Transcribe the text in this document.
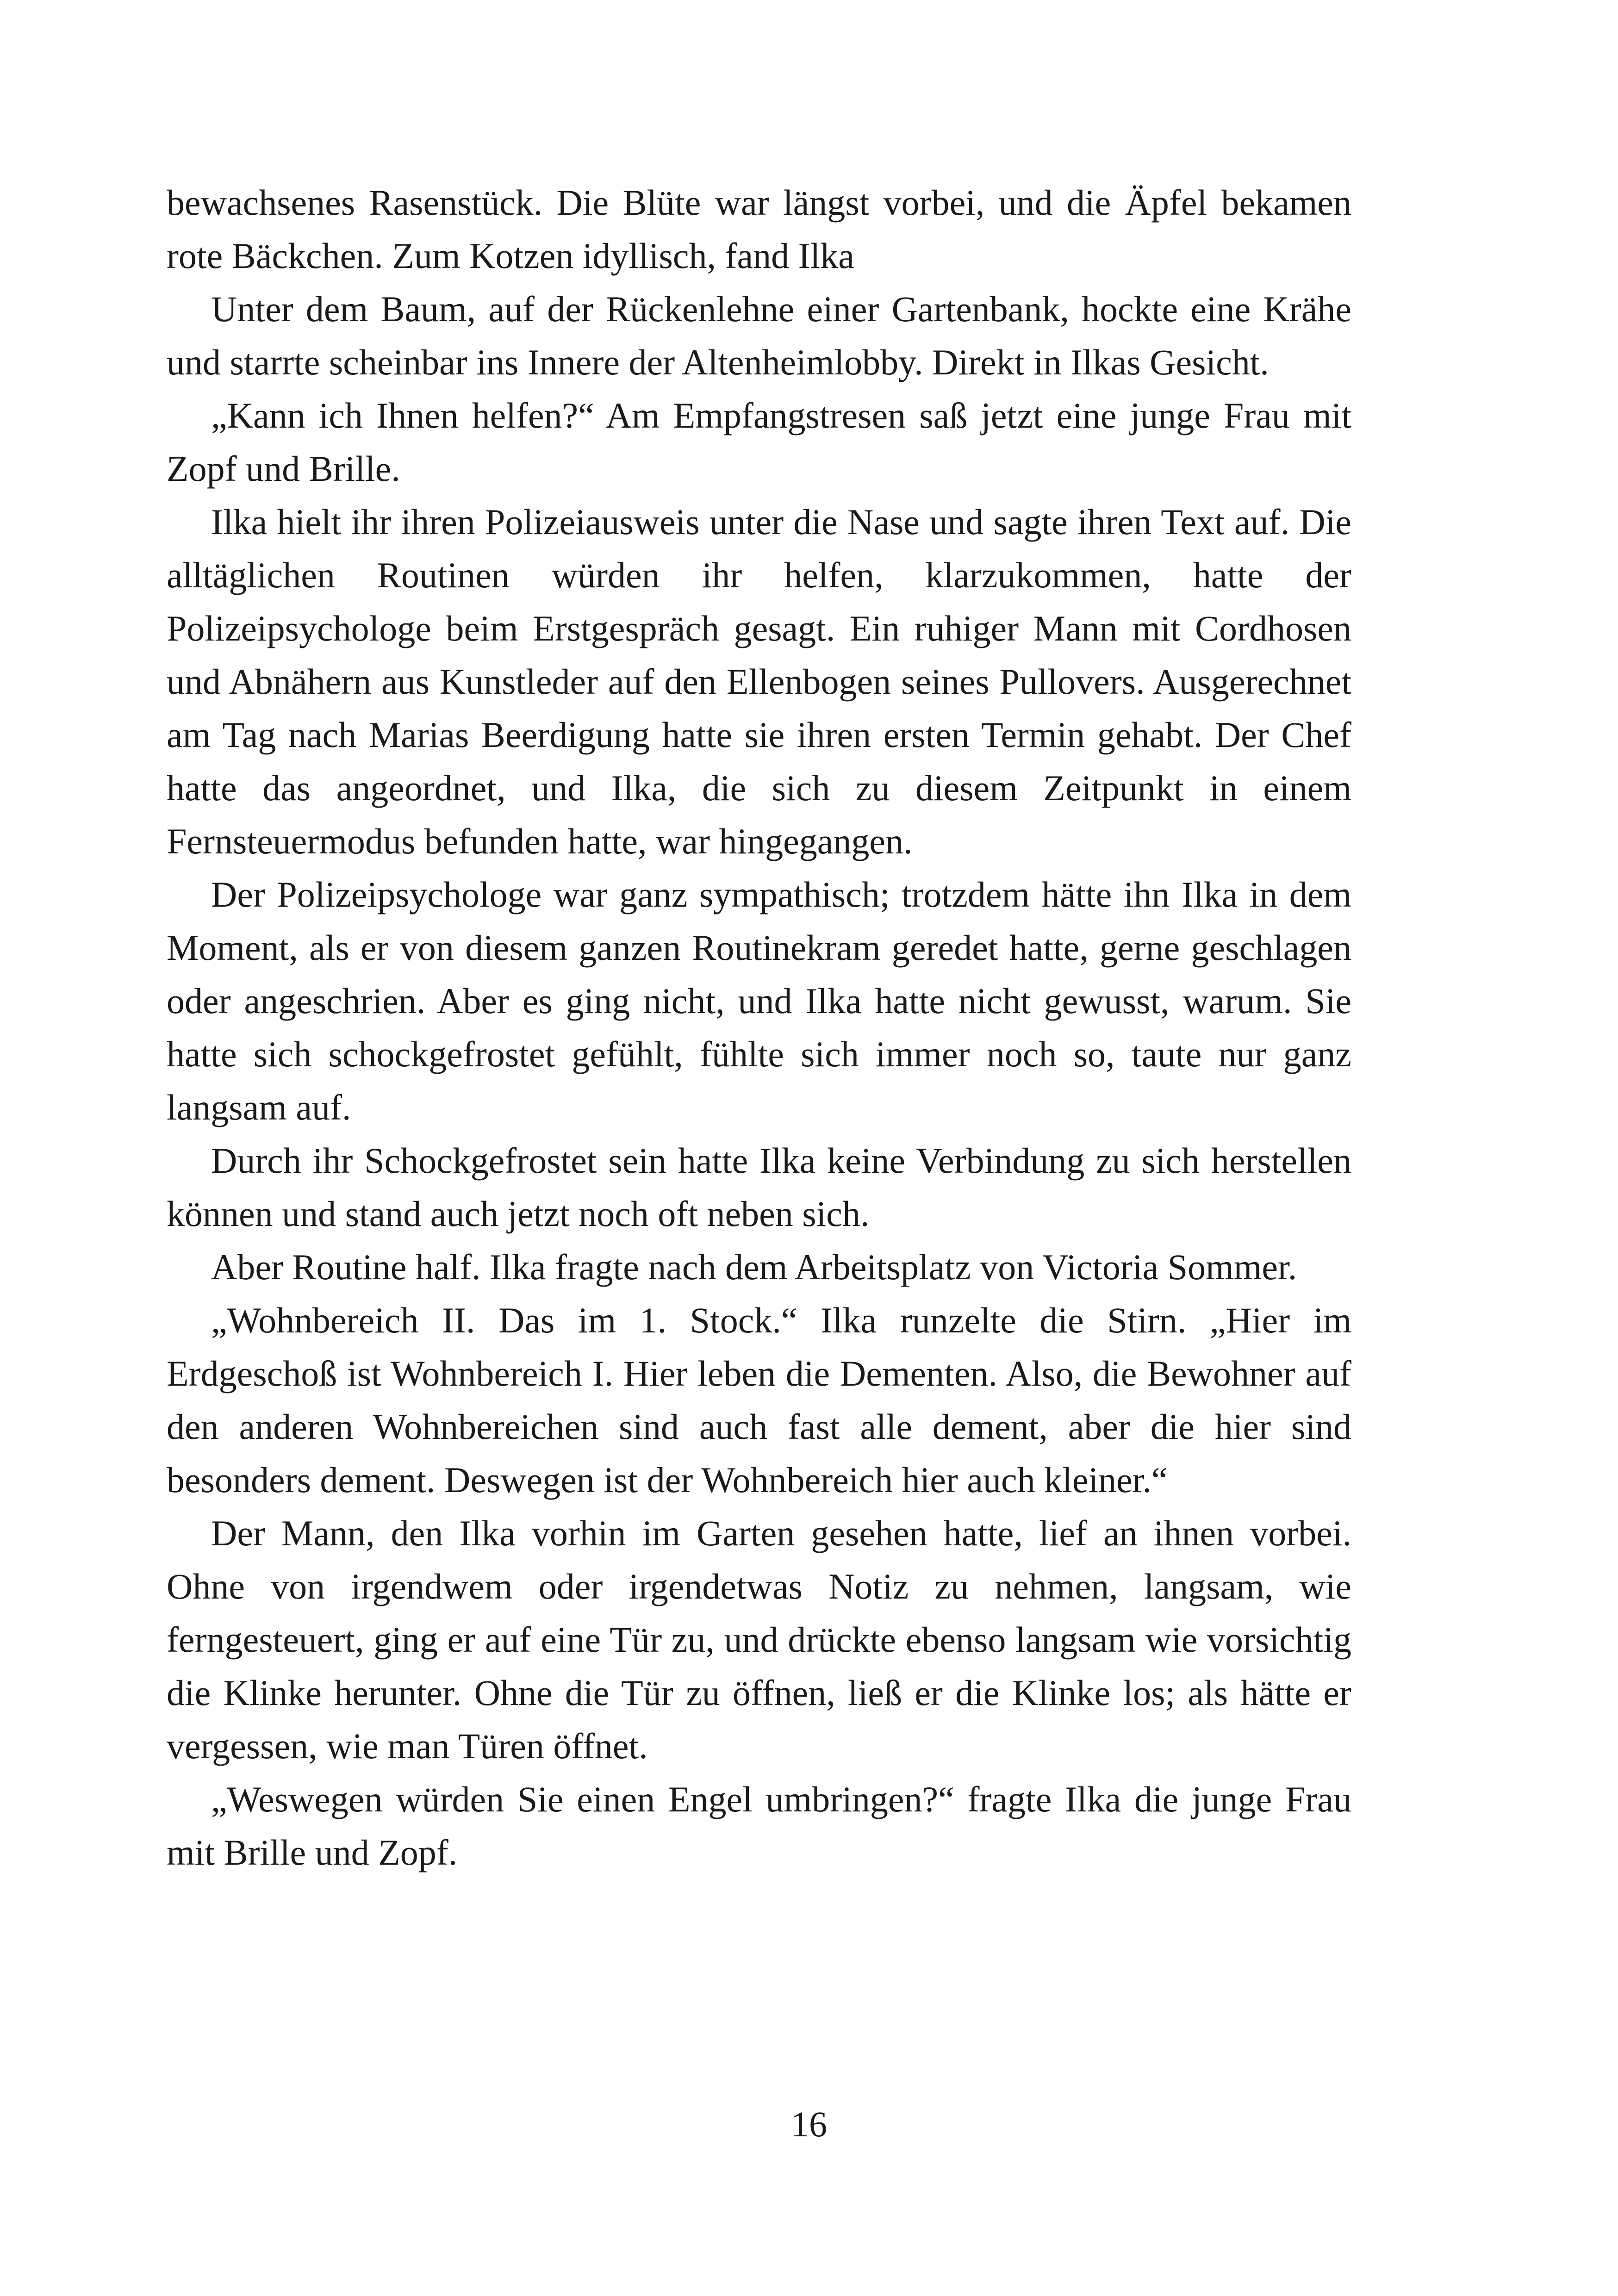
bewachsenes Rasenstück. Die Blüte war längst vorbei, und die Äpfel bekamen rote Bäckchen. Zum Kotzen idyllisch, fand Ilka

Unter dem Baum, auf der Rückenlehne einer Gartenbank, hockte eine Krähe und starrte scheinbar ins Innere der Altenheimlobby. Direkt in Ilkas Gesicht.

„Kann ich Ihnen helfen?“ Am Empfangstresen saß jetzt eine junge Frau mit Zopf und Brille.

Ilka hielt ihr ihren Polizeiausweis unter die Nase und sagte ihren Text auf. Die alltäglichen Routinen würden ihr helfen, klarzukommen, hatte der Polizeipsychologe beim Erstgespräch gesagt. Ein ruhiger Mann mit Cordhosen und Abnähern aus Kunstleder auf den Ellenbogen seines Pullovers. Ausgerechnet am Tag nach Marias Beerdigung hatte sie ihren ersten Termin gehabt. Der Chef hatte das angeordnet, und Ilka, die sich zu diesem Zeitpunkt in einem Fernsteuermodus befunden hatte, war hingegangen.

Der Polizeipsychologe war ganz sympathisch; trotzdem hätte ihn Ilka in dem Moment, als er von diesem ganzen Routinekram geredet hatte, gerne geschlagen oder angeschrien. Aber es ging nicht, und Ilka hatte nicht gewusst, warum. Sie hatte sich schockgefrostet gefühlt, fühlte sich immer noch so, taute nur ganz langsam auf.

Durch ihr Schockgefrostet sein hatte Ilka keine Verbindung zu sich herstellen können und stand auch jetzt noch oft neben sich.

Aber Routine half. Ilka fragte nach dem Arbeitsplatz von Victoria Sommer.

„Wohnbereich II. Das im 1. Stock.“ Ilka runzelte die Stirn. „Hier im Erdgeschoß ist Wohnbereich I. Hier leben die Dementen. Also, die Bewohner auf den anderen Wohnbereichen sind auch fast alle dement, aber die hier sind besonders dement. Deswegen ist der Wohnbereich hier auch kleiner.“

Der Mann, den Ilka vorhin im Garten gesehen hatte, lief an ihnen vorbei. Ohne von irgendwem oder irgendetwas Notiz zu nehmen, langsam, wie ferngesteuert, ging er auf eine Tür zu, und drückte ebenso langsam wie vorsichtig die Klinke herunter. Ohne die Tür zu öffnen, ließ er die Klinke los; als hätte er vergessen, wie man Türen öffnet.

„Weswegen würden Sie einen Engel umbringen?“ fragte Ilka die junge Frau mit Brille und Zopf.

16
